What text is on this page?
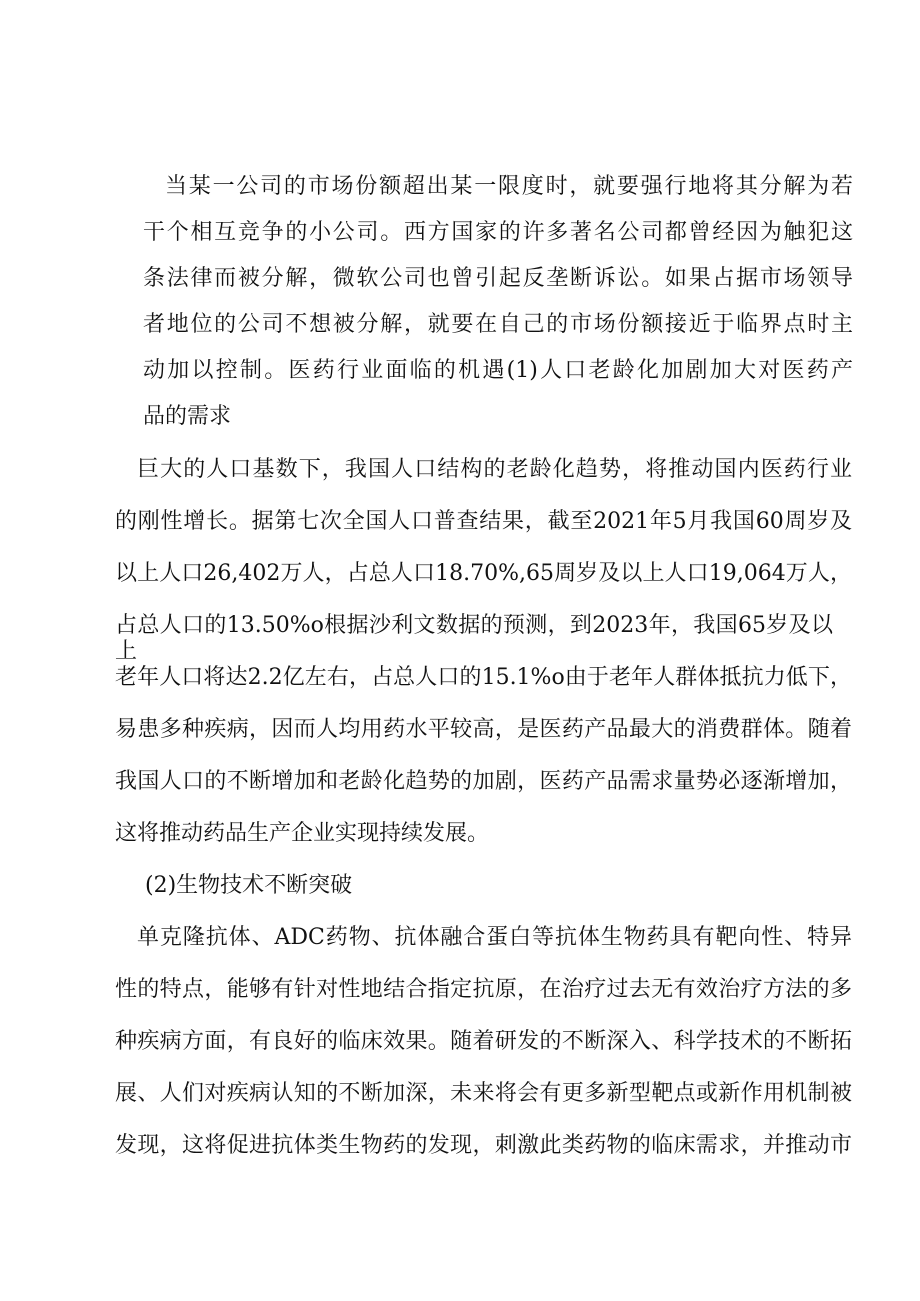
当某一公司的市场份额超出某一限度时，就要强行地将其分解为若
干个相互竞争的小公司。西方国家的许多著名公司都曾经因为触犯这
条法律而被分解，微软公司也曾引起反垄断诉讼。如果占据市场领导
者地位的公司不想被分解，就要在自己的市场份额接近于临界点时主
动加以控制。医药行业面临的机遇(1)人口老龄化加剧加大对医药产
品的需求
巨大的人口基数下，我国人口结构的老龄化趋势，将推动国内医药行业
的刚性增长。据第七次全国人口普查结果，截至2021年5月我国60周岁及
以上人口26,402万人，占总人口18.70%,65周岁及以上人口19,064万人，
占总人口的13.50%o根据沙利文数据的预测，到2023年，我国65岁及以上
老年人口将达2.2亿左右，占总人口的15.1%o由于老年人群体抵抗力低下，
易患多种疾病，因而人均用药水平较高，是医药产品最大的消费群体。随着
我国人口的不断增加和老龄化趋势的加剧，医药产品需求量势必逐渐增加，
这将推动药品生产企业实现持续发展。
(2)生物技术不断突破
单克隆抗体、ADC药物、抗体融合蛋白等抗体生物药具有靶向性、特异
性的特点，能够有针对性地结合指定抗原，在治疗过去无有效治疗方法的多
种疾病方面，有良好的临床效果。随着研发的不断深入、科学技术的不断拓
展、人们对疾病认知的不断加深，未来将会有更多新型靶点或新作用机制被
发现，这将促进抗体类生物药的发现，刺激此类药物的临床需求，并推动市
